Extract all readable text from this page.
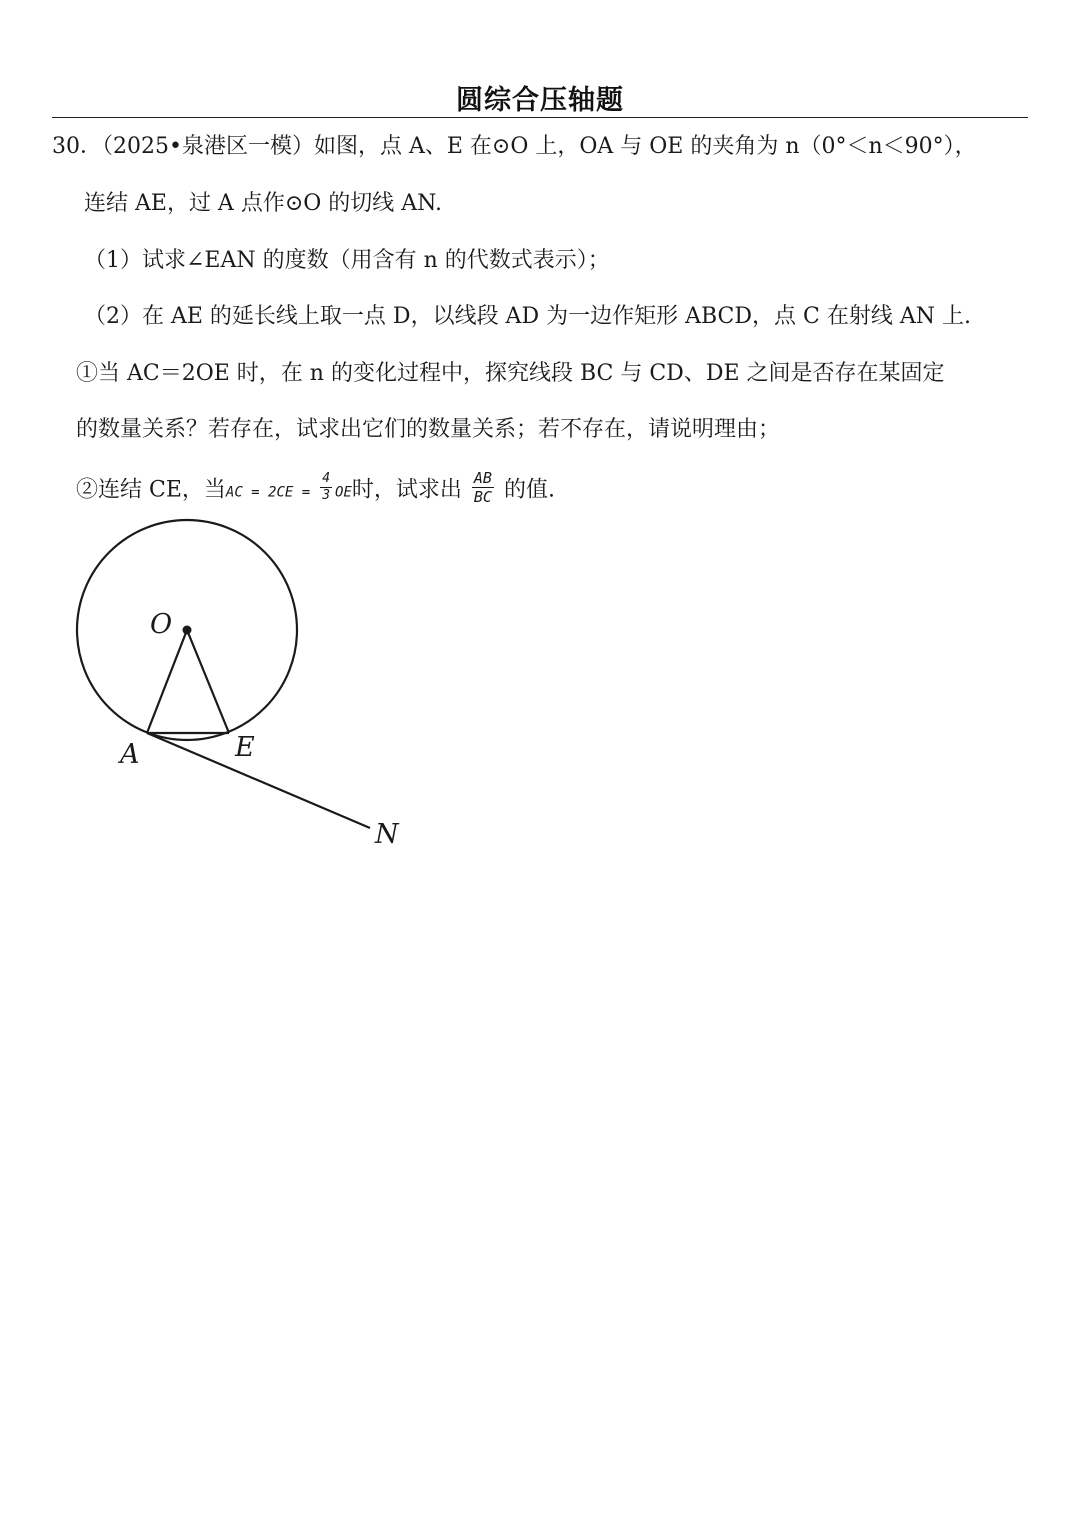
圆综合压轴题
30．（2025•泉港区一模）如图，点 A、E 在⊙O 上，OA 与 OE 的夹角为 n（0°＜n＜90°），
连结 AE，过 A 点作⊙O 的切线 AN.
（1）试求∠EAN 的度数（用含有 n 的代数式表示）；
（2）在 AE 的延长线上取一点 D，以线段 AD 为一边作矩形 ABCD，点 C 在射线 AN 上.
①当 AC＝2OE 时，在 n 的变化过程中，探究线段 BC 与 CD、DE 之间是否存在某固定
的数量关系？若存在，试求出它们的数量关系；若不存在，请说明理由；
②连结 CE，当AC = $2CE = \frac{4}{3}$ OE时，试求出 $\frac{AB}{BC}$ 的值.
O
A	E
N
